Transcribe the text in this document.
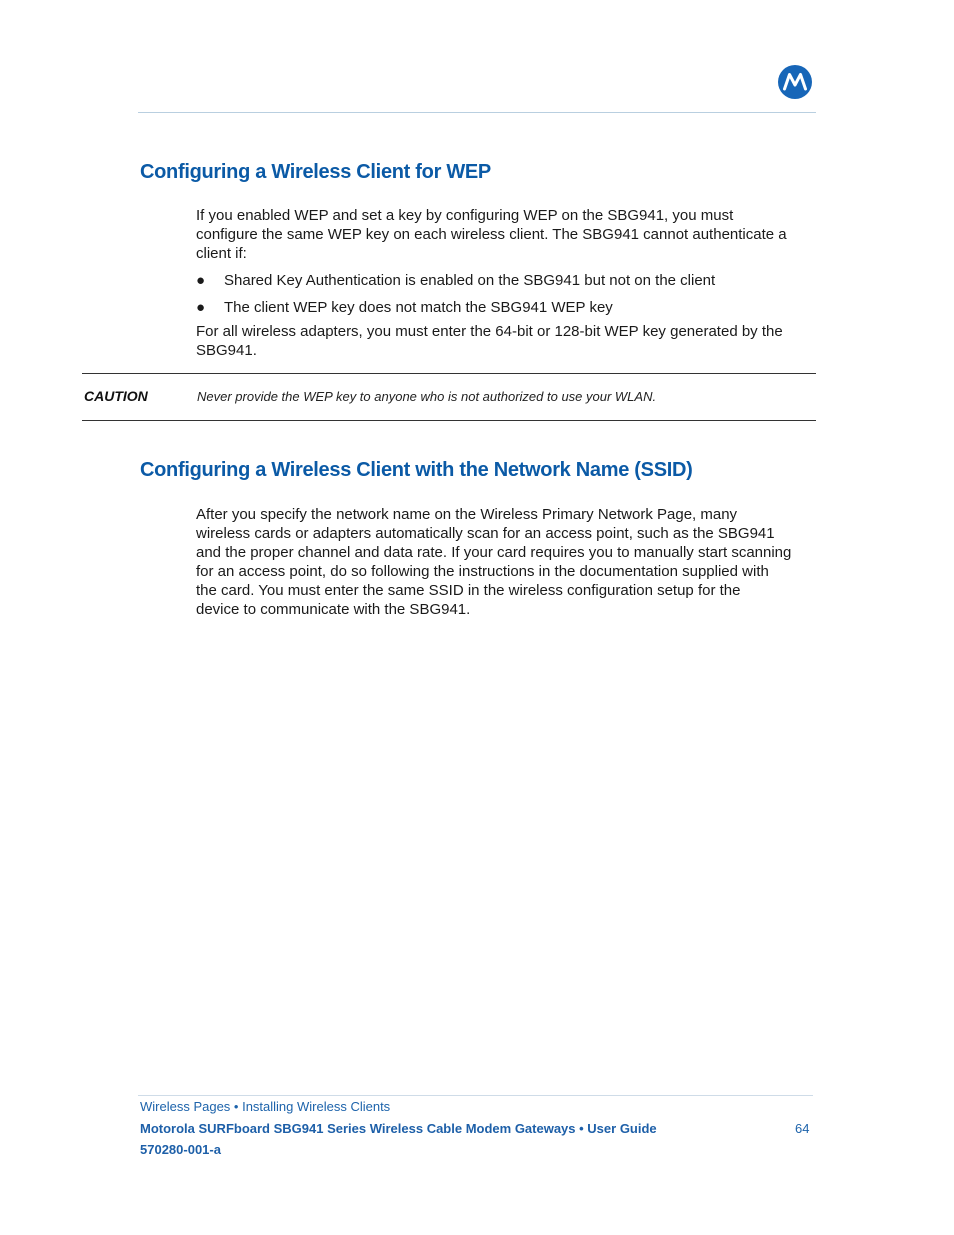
Configuring a Wireless Client for WEP

If you enabled WEP and set a key by configuring WEP on the SBG941, you must
configure the same WEP key on each wireless client. The SBG941 cannot authenticate a
client if:

● Shared Key Authentication is enabled on the SBG941 but not on the client
● The client WEP key does not match the SBG941 WEP key

For all wireless adapters, you must enter the 64-bit or 128-bit WEP key generated by the
SBG941.

CAUTION	Never provide the WEP key to anyone who is not authorized to use your WLAN.
Configuring a Wireless Client with the Network Name (SSID)

After you specify the network name on the Wireless Primary Network Page, many
wireless cards or adapters automatically scan for an access point, such as the SBG941
and the proper channel and data rate. If your card requires you to manually start scanning
for an access point, do so following the instructions in the documentation supplied with
the card. You must enter the same SSID in the wireless configuration setup for the
device to communicate with the SBG941.

Wireless Pages • Installing Wireless Clients
Motorola SURFboard SBG941 Series Wireless Cable Modem Gateways • User Guide
570280-001-a
64
